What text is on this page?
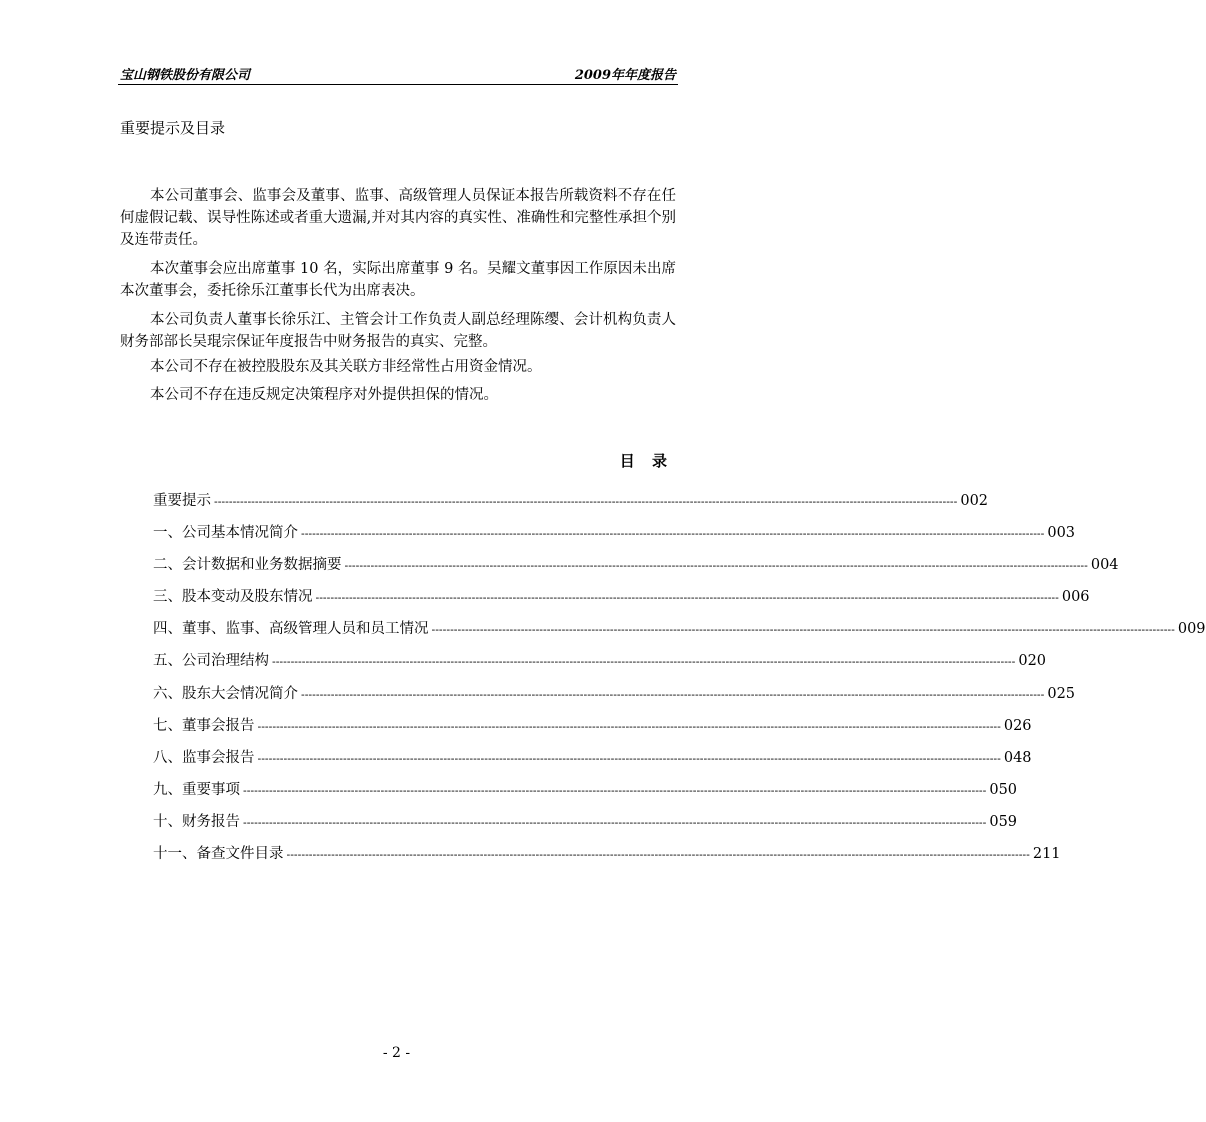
宝山钢铁股份有限公司	2009年年度报告
重要提示及目录
本公司董事会、监事会及董事、监事、高级管理人员保证本报告所载资料不存在任何虚假记载、误导性陈述或者重大遗漏,并对其内容的真实性、准确性和完整性承担个别及连带责任。
本次董事会应出席董事 10 名，实际出席董事 9 名。吴耀文董事因工作原因未出席本次董事会，委托徐乐江董事长代为出席表决。
本公司负责人董事长徐乐江、主管会计工作负责人副总经理陈缨、会计机构负责人财务部部长吴琨宗保证年度报告中财务报告的真实、完整。
本公司不存在被控股股东及其关联方非经常性占用资金情况。
本公司不存在违反规定决策程序对外提供担保的情况。
目 录
重要提示 -------------------------------------------------------------------------------------------------------------------------------------------------------------------------------------------------------- 002
一、公司基本情况简介 -------------------------------------------------------------------------------------------------------------------------------------------------------------------------------------------------------- 003
二、会计数据和业务数据摘要 -------------------------------------------------------------------------------------------------------------------------------------------------------------------------------------------------------- 004
三、股本变动及股东情况 -------------------------------------------------------------------------------------------------------------------------------------------------------------------------------------------------------- 006
四、董事、监事、高级管理人员和员工情况 -------------------------------------------------------------------------------------------------------------------------------------------------------------------------------------------------------- 009
五、公司治理结构 -------------------------------------------------------------------------------------------------------------------------------------------------------------------------------------------------------- 020
六、股东大会情况简介 -------------------------------------------------------------------------------------------------------------------------------------------------------------------------------------------------------- 025
七、董事会报告 -------------------------------------------------------------------------------------------------------------------------------------------------------------------------------------------------------- 026
八、监事会报告 -------------------------------------------------------------------------------------------------------------------------------------------------------------------------------------------------------- 048
九、重要事项 -------------------------------------------------------------------------------------------------------------------------------------------------------------------------------------------------------- 050
十、财务报告 -------------------------------------------------------------------------------------------------------------------------------------------------------------------------------------------------------- 059
十一、备查文件目录 -------------------------------------------------------------------------------------------------------------------------------------------------------------------------------------------------------- 211
- 2 -
